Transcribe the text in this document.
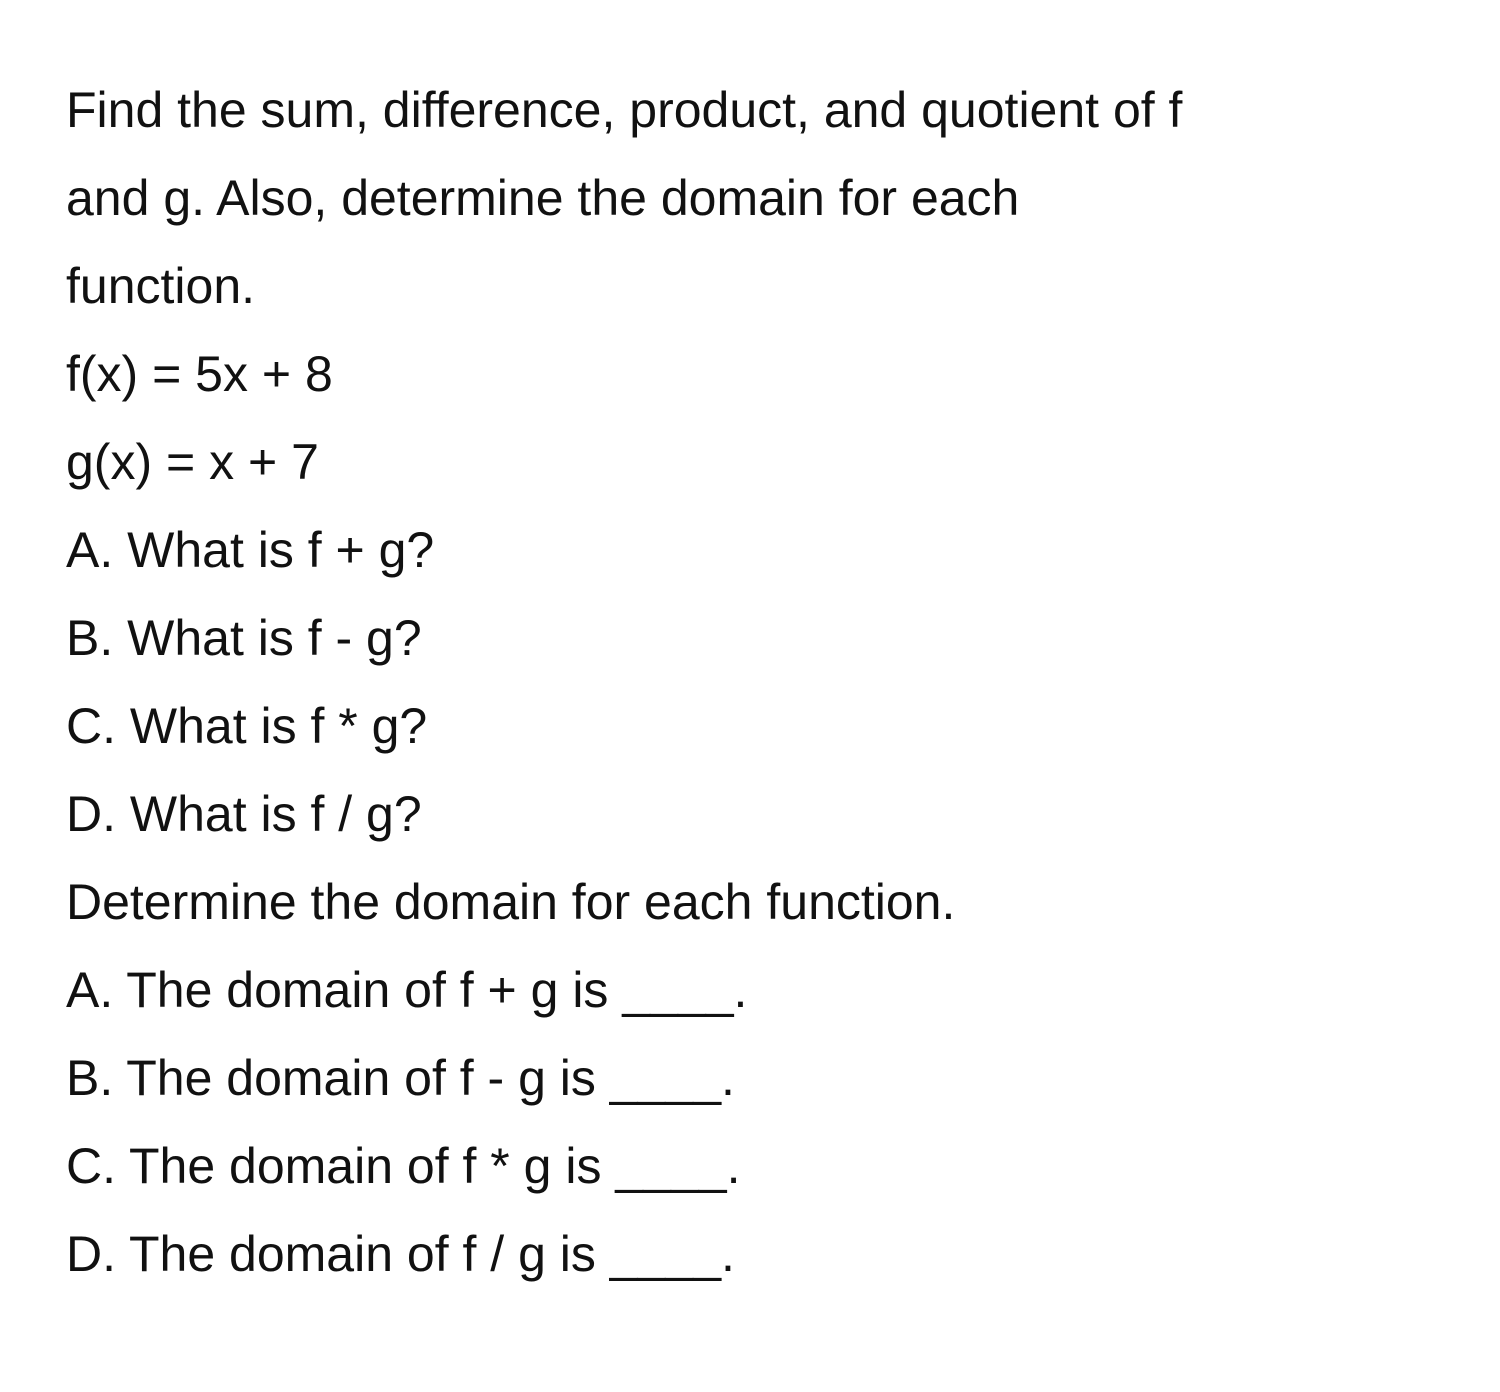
Find the sum, difference, product, and quotient of f
and g. Also, determine the domain for each
function.
f(x) = 5x + 8
g(x) = x + 7
A. What is f + g?
B. What is f - g?
C. What is f * g?
D. What is f / g?
Determine the domain for each function.
A. The domain of f + g is ____.
B. The domain of f - g is ____.
C. The domain of f * g is ____.
D. The domain of f / g is ____.
